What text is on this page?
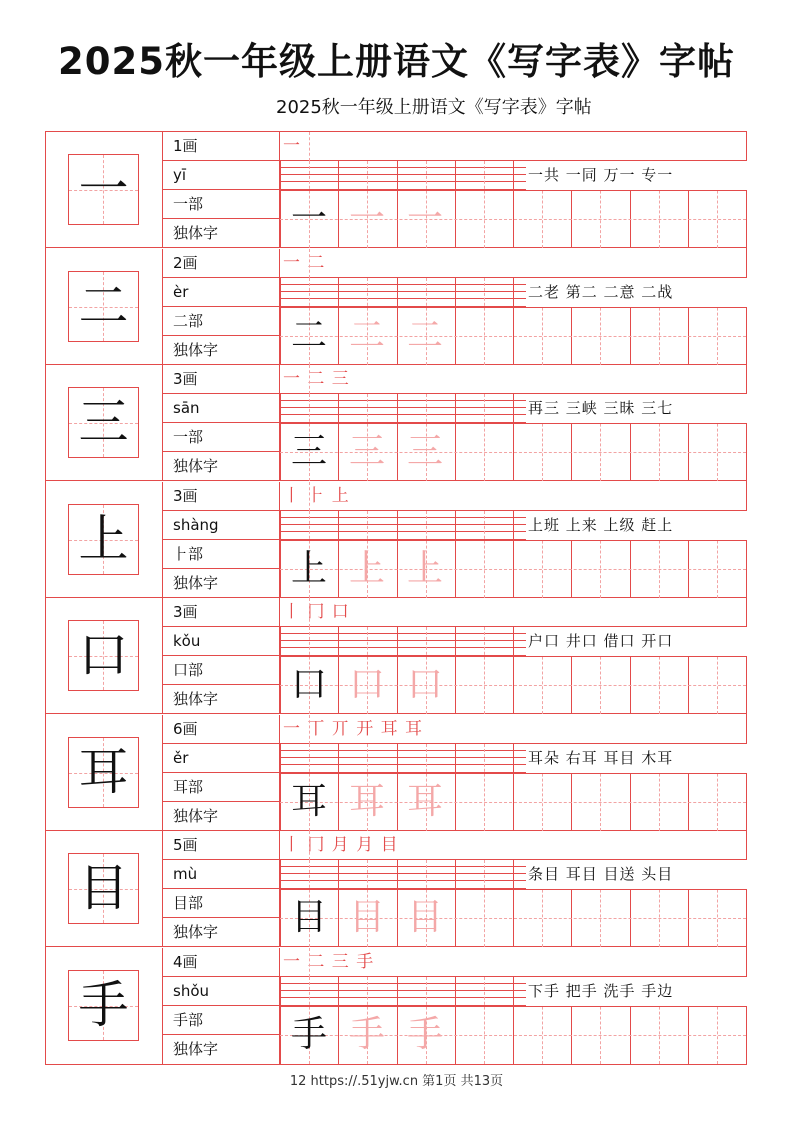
2025秋一年级上册语文《写字表》字帖
2025秋一年级上册语文《写字表》字帖
一
1画
yī
一部
独体字
一
一共 一同 万一 专一
一 一 一
二
2画
èr
二部
独体字
一 二
二老 第二 二意 二战
二 二 二
三
3画
sān
一部
独体字
一 二 三
再三 三峡 三昧 三七
三 三 三
上
3画
shàng
⺊部
独体字
丨 ⺊ 上
上班 上来 上级 赶上
上 上 上
口
3画
kǒu
口部
独体字
丨 冂 口
户口 井口 借口 开口
口 口 口
耳
6画
ěr
耳部
独体字
一 丅 丌 开 耳 耳
耳朵 右耳 耳目 木耳
耳 耳 耳
目
5画
mù
目部
独体字
丨 冂 月 月 目
条目 耳目 目送 头目
目 目 目
手
4画
shǒu
手部
独体字
一 二 三 手
下手 把手 洗手 手边
手 手 手
12 https://.51yjw.cn 第1页 共13页
